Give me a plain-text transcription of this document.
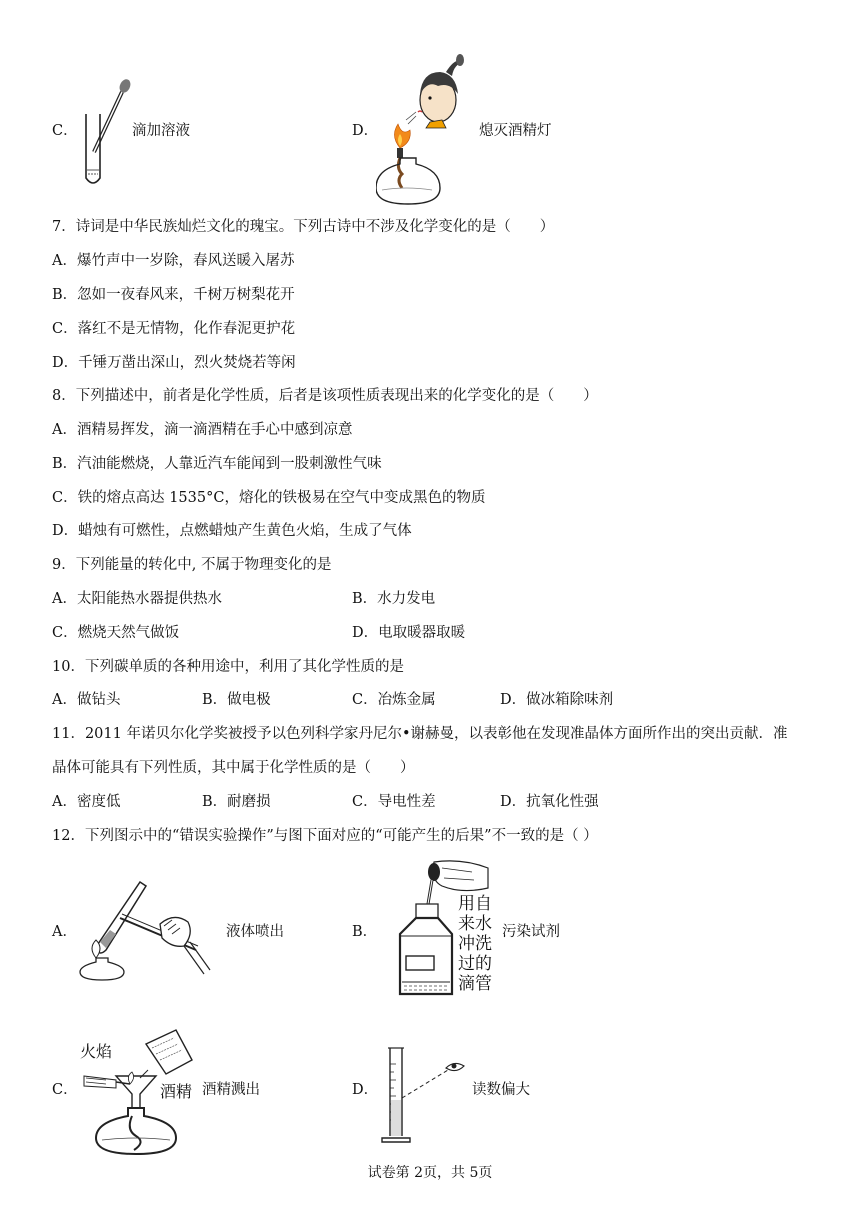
C．	滴加溶液	D．	熄灭酒精灯
7．诗词是中华民族灿烂文化的瑰宝。下列古诗中不涉及化学变化的是（　　）
A．爆竹声中一岁除，春风送暖入屠苏
B．忽如一夜春风来，千树万树梨花开
C．落红不是无情物，化作春泥更护花
D．千锤万凿出深山，烈火焚烧若等闲
8．下列描述中，前者是化学性质，后者是该项性质表现出来的化学变化的是（　　）
A．酒精易挥发，滴一滴酒精在手心中感到凉意
B．汽油能燃烧，人靠近汽车能闻到一股刺激性气味
C．铁的熔点高达 1535°C，熔化的铁极易在空气中变成黑色的物质
D．蜡烛有可燃性，点燃蜡烛产生黄色火焰，生成了气体
9．下列能量的转化中, 不属于物理变化的是
A．太阳能热水器提供热水	B．水力发电
C．燃烧天然气做饭	D．电取暖器取暖
10．下列碳单质的各种用途中，利用了其化学性质的是
A．做钻头	B．做电极	C．冶炼金属	D．做冰箱除味剂
11．2011 年诺贝尔化学奖被授予以色列科学家丹尼尔•谢赫曼，以表彰他在发现准晶体方面所作出的突出贡献．准
晶体可能具有下列性质，其中属于化学性质的是（　　）
A．密度低	B．耐磨损	C．导电性差	D．抗氧化性强
12．下列图示中的“错误实验操作”与图下面对应的“可能产生的后果”不一致的是（ ）
A．	液体喷出	B．
用自
来水
冲洗
过的
滴管
污染试剂
C．
火焰
酒精 酒精溅出	D．	读数偏大
试卷第 2页，共 5页
